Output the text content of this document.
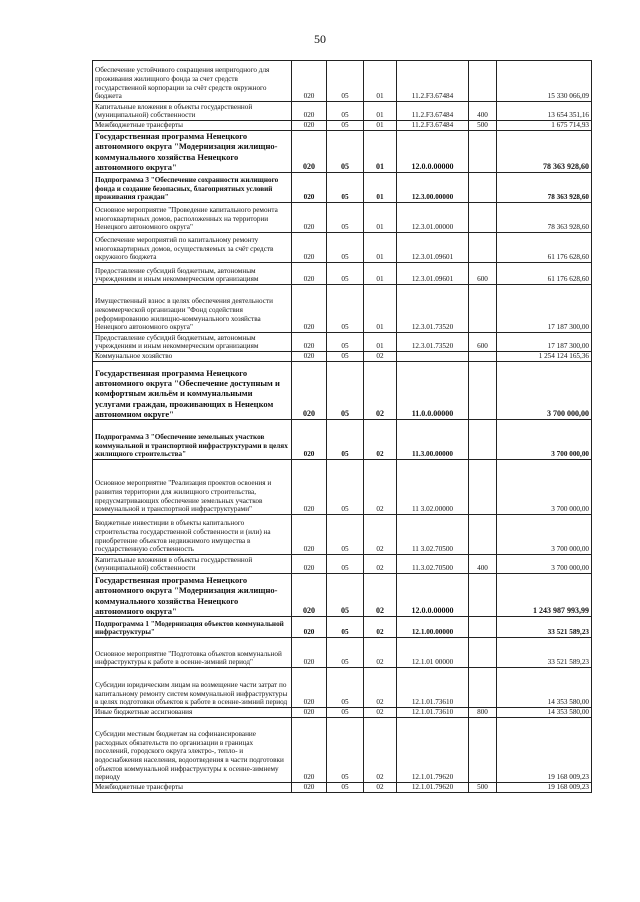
50
Обеспечение устойчивого сокращения непригодного для проживания жилищного фонда за счет средств государственной корпорации за счёт средств окружного бюджета	020	05	01	11.2.F3.67484		15 330 066,09
Капитальные вложения в объекты государственной (муниципальной) собственности	020	05	01	11.2.F3.67484	400	13 654 351,16
Межбюджетные трансферты	020	05	01	11.2.F3.67484	500	1 675 714,93
Государственная программа Ненецкого автономного округа "Модернизация жилищно-коммунального хозяйства Ненецкого автономного округа"	020	05	01	12.0.0.00000		78 363 928,60
Подпрограмма 3 "Обеспечение сохранности жилищного фонда и создание безопасных, благоприятных условий проживания граждан"	020	05	01	12.3.00.00000		78 363 928,60
Основное мероприятие "Проведение капитального ремонта многоквартирных домов, расположенных на территории Ненецкого автономного округа"	020	05	01	12.3.01.00000		78 363 928,60
Обеспечение мероприятий по капитальному ремонту многоквартирных домов, осуществляемых за счёт средств окружного бюджета	020	05	01	12.3.01.09601		61 176 628,60
Предоставление субсидий бюджетным, автономным учреждениям и иным некоммерческим организациям	020	05	01	12.3.01.09601	600	61 176 628,60
Имущественный взнос в целях обеспечения деятельности некоммерческой организации "Фонд содействия реформированию жилищно-коммунального хозяйства Ненецкого автономного округа"	020	05	01	12.3.01.73520		17 187 300,00
Предоставление субсидий бюджетным, автономным учреждениям и иным некоммерческим организациям	020	05	01	12.3.01.73520	600	17 187 300,00
Коммунальное хозяйство	020	05	02			1 254 124 165,36
Государственная программа Ненецкого автономного округа "Обеспечение доступным и комфортным жильём и коммунальными услугами граждан, проживающих в Ненецком автономном округе"	020	05	02	11.0.0.00000		3 700 000,00
Подпрограмма 3 "Обеспечение земельных участков коммунальной и транспортной инфраструктурами в целях жилищного строительства"	020	05	02	11.3.00.00000		3 700 000,00
Основное мероприятие "Реализация проектов освоения и развития территории для жилищного строительства, предусматривающих обеспечение земельных участков коммунальной и транспортной инфраструктурами"	020	05	02	11 3.02.00000		3 700 000,00
Бюджетные инвестиции в объекты капитального строительства государственной собственности и (или) на приобретение объектов недвижимого имущества в государственную собственность	020	05	02	11 3.02.70500		3 700 000,00
Капитальные вложения в объекты государственной (муниципальной) собственности	020	05	02	11.3.02.70500	400	3 700 000,00
Государственная программа Ненецкого автономного округа "Модернизация жилищно-коммунального хозяйства Ненецкого автономного округа"	020	05	02	12.0.0.00000		1 243 987 993,99
Подпрограмма 1 "Модернизация объектов коммунальной инфраструктуры"	020	05	02	12.1.00.00000		33 521 589,23
Основное мероприятие "Подготовка объектов коммунальной инфраструктуры к работе в осенне-зимний период"	020	05	02	12.1.01 00000		33 521 589,23
Субсидии юридическим лицам на возмещение части затрат по капитальному ремонту систем коммунальной инфраструктуры в целях подготовки объектов к работе в осенне-зимний период	020	05	02	12.1.01.73610		14 353 580,00
Иные бюджетные ассигнования	020	05	02	12.1.01.73610	800	14 353 580,00
Субсидии местным бюджетам на софинансирование расходных обязательств по организации в границах поселений, городского округа электро-, тепло- и водоснабжения населения, водоотведения в части подготовки объектов коммунальной инфраструктуры к осенне-зимнему периоду	020	05	02	12.1.01.79620		19 168 009,23
Межбюджетные трансферты	020	05	02	12.1.01.79620	500	19 168 009,23
